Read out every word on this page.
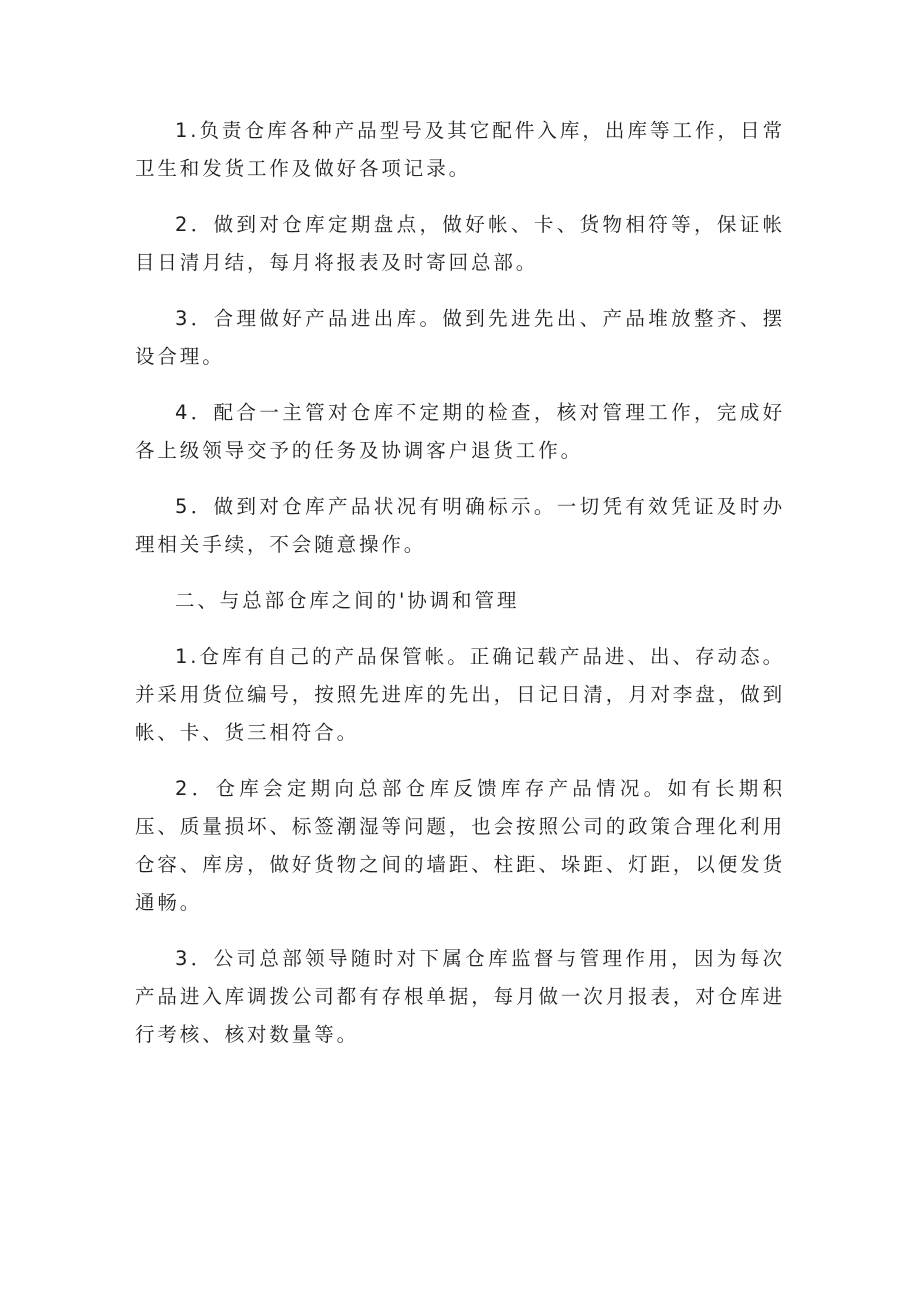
1.负责仓库各种产品型号及其它配件入库，出库等工作，日常卫生和发货工作及做好各项记录。

2．做到对仓库定期盘点，做好帐、卡、货物相符等，保证帐目日清月结，每月将报表及时寄回总部。

3．合理做好产品进出库。做到先进先出、产品堆放整齐、摆设合理。

4．配合一主管对仓库不定期的检查，核对管理工作，完成好各上级领导交予的任务及协调客户退货工作。

5．做到对仓库产品状况有明确标示。一切凭有效凭证及时办理相关手续，不会随意操作。

二、与总部仓库之间的'协调和管理

1.仓库有自己的产品保管帐。正确记载产品进、出、存动态。并采用货位编号，按照先进库的先出，日记日清，月对李盘，做到帐、卡、货三相符合。

2．仓库会定期向总部仓库反馈库存产品情况。如有长期积压、质量损坏、标签潮湿等问题，也会按照公司的政策合理化利用仓容、库房，做好货物之间的墙距、柱距、垛距、灯距，以便发货通畅。

3．公司总部领导随时对下属仓库监督与管理作用，因为每次产品进入库调拨公司都有存根单据，每月做一次月报表，对仓库进行考核、核对数量等。
